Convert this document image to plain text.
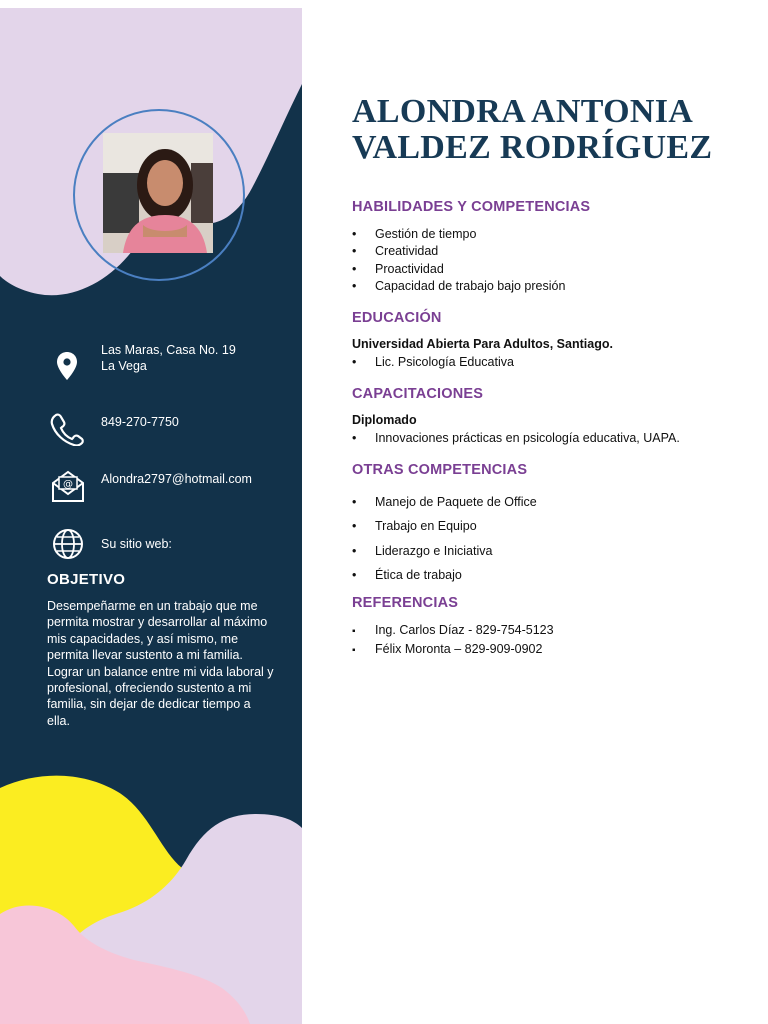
Las Maras, Casa No. 19
La Vega
849-270-7750
@ Alondra2797@hotmail.com
Su sitio web:
OBJETIVO
Desempeñarme en un trabajo que me permita mostrar y desarrollar al máximo mis capacidades, y así mismo, me permita llevar sustento a mi familia. Lograr un balance entre mi vida laboral y profesional, ofreciendo sustento a mi familia, sin dejar de dedicar tiempo a ella.
ALONDRA ANTONIA
VALDEZ RODRÍGUEZ
HABILIDADES Y COMPETENCIAS
• Gestión de tiempo
• Creatividad
• Proactividad
• Capacidad de trabajo bajo presión
EDUCACIÓN
Universidad Abierta Para Adultos, Santiago.
• Lic. Psicología Educativa
CAPACITACIONES
Diplomado
• Innovaciones prácticas en psicología educativa, UAPA.
OTRAS COMPETENCIAS
• Manejo de Paquete de Office
• Trabajo en Equipo
• Liderazgo e Iniciativa
• Ética de trabajo
REFERENCIAS
▪ Ing. Carlos Díaz - 829-754-5123
▪ Félix Moronta – 829-909-0902
